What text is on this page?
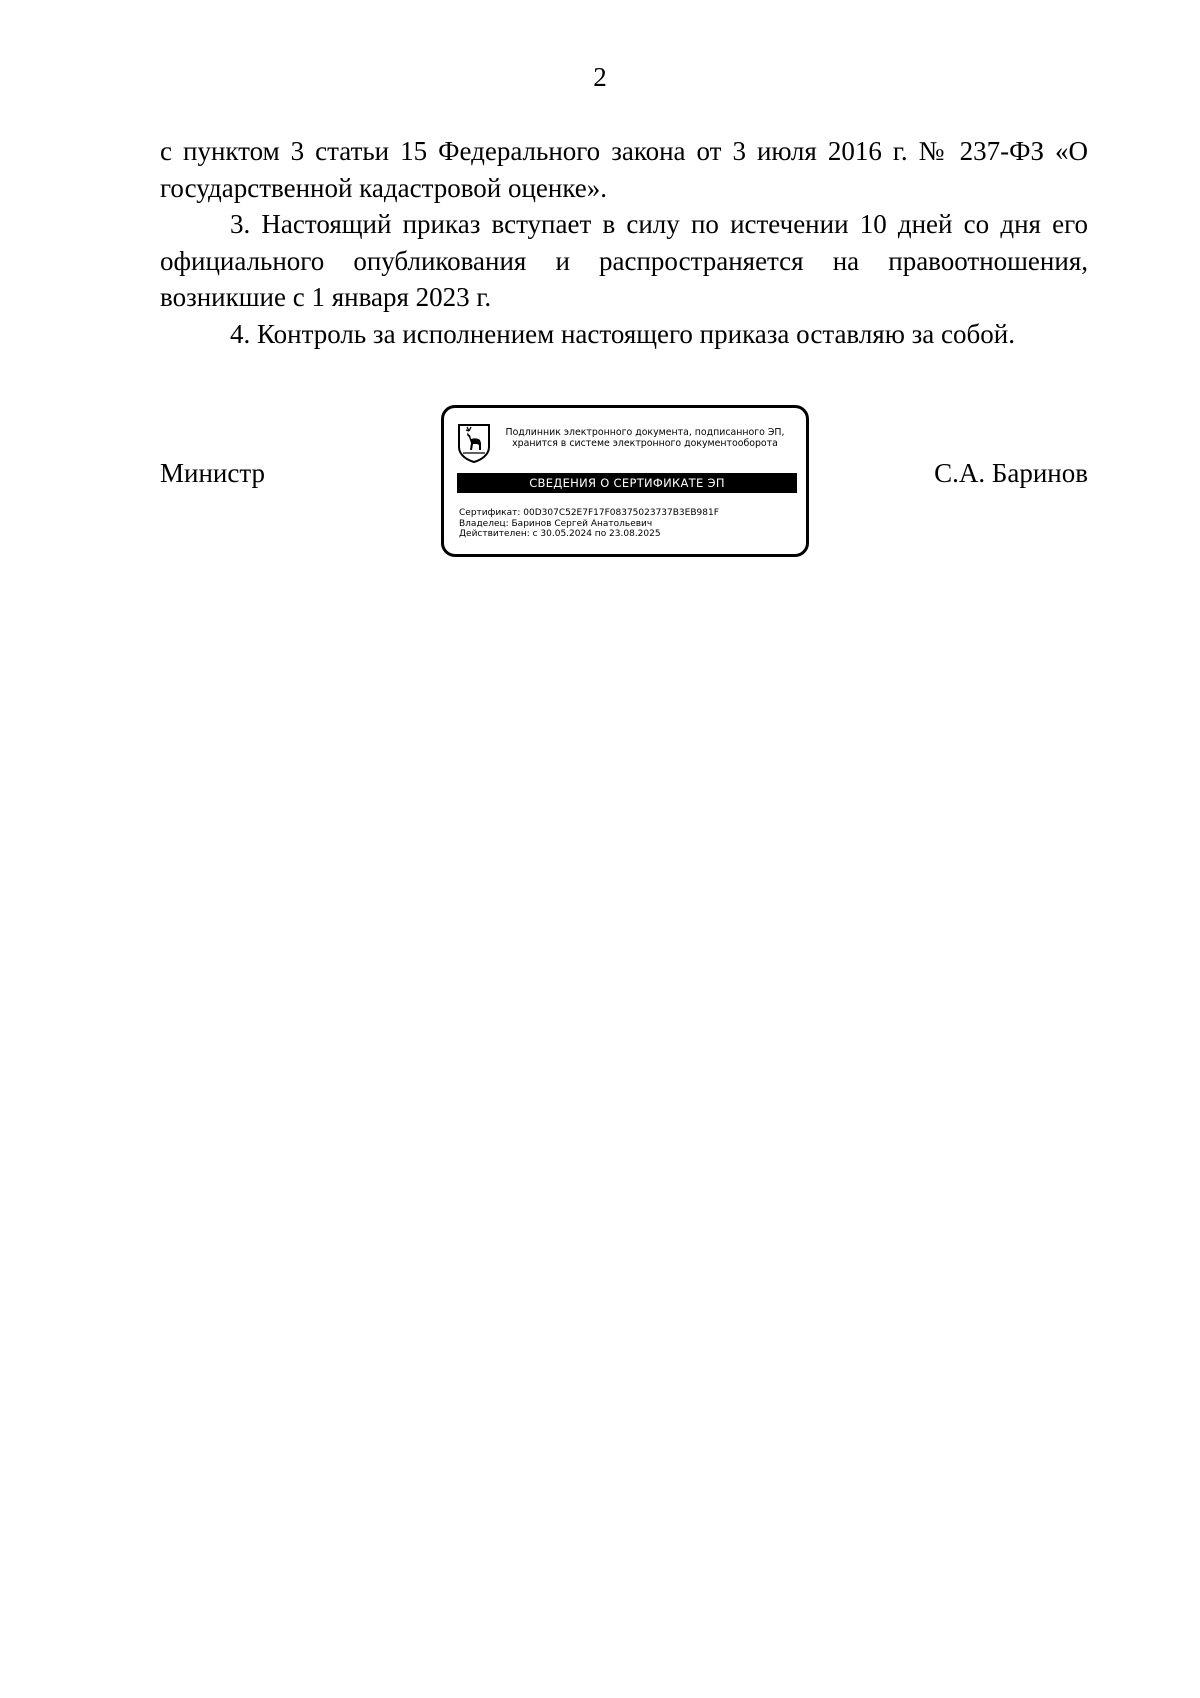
2

с пунктом 3 статьи 15 Федерального закона от 3 июля 2016 г. № 237-ФЗ «О государственной кадастровой оценке».

3. Настоящий приказ вступает в силу по истечении 10 дней со дня его официального опубликования и распространяется на правоотношения, возникшие с 1 января 2023 г.

4. Контроль за исполнением настоящего приказа оставляю за собой.

Министр	С.А. Баринов
Подлинник электронного документа, подписанного ЭП,
хранится в системе электронного документооборота
СВЕДЕНИЯ О СЕРТИФИКАТЕ ЭП
Сертификат: 00D307C52E7F17F08375023737B3EB981F
Владелец: Баринов Сергей Анатольевич
Действителен: с 30.05.2024 по 23.08.2025
